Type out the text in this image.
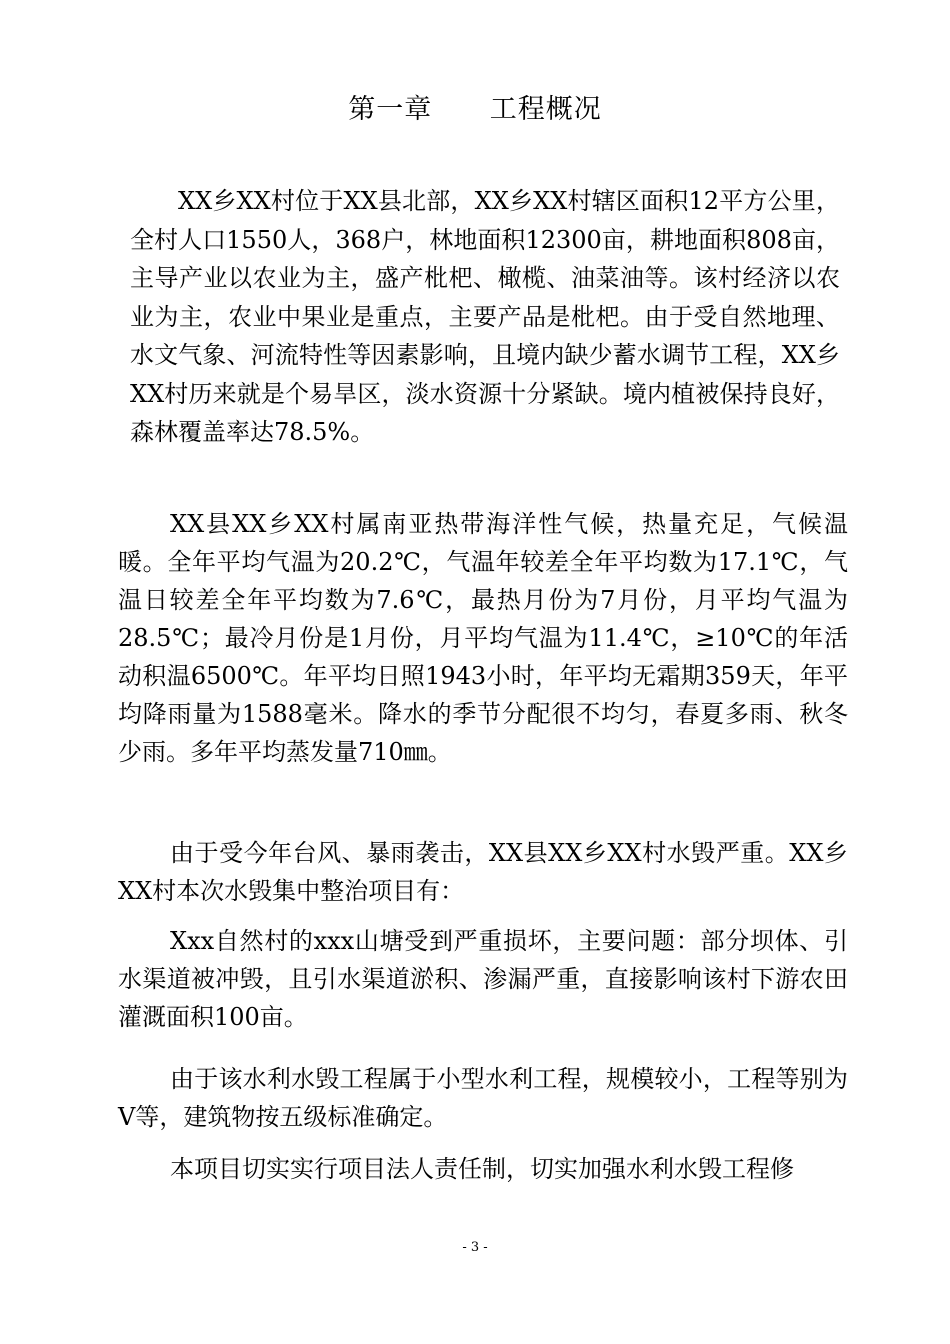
第一章      工程概况

XX乡XX村位于XX县北部，XX乡XX村辖区面积12平方公里，全村人口1550人，368户，林地面积12300亩，耕地面积808亩，主导产业以农业为主，盛产枇杷、橄榄、油菜油等。该村经济以农业为主，农业中果业是重点，主要产品是枇杷。由于受自然地理、水文气象、河流特性等因素影响，且境内缺少蓄水调节工程，XX乡XX村历来就是个易旱区，淡水资源十分紧缺。境内植被保持良好，森林覆盖率达78.5%。

XX县XX乡XX村属南亚热带海洋性气候，热量充足，气候温暖。全年平均气温为20.2℃，气温年较差全年平均数为17.1℃，气温日较差全年平均数为7.6℃，最热月份为7月份，月平均气温为28.5℃；最冷月份是1月份，月平均气温为11.4℃，≥10℃的年活动积温6500℃。年平均日照1943小时，年平均无霜期359天，年平均降雨量为1588毫米。降水的季节分配很不均匀，春夏多雨、秋冬少雨。多年平均蒸发量710㎜。

由于受今年台风、暴雨袭击，XX县XX乡XX村水毁严重。XX乡XX村本次水毁集中整治项目有：

Xxx自然村的xxx山塘受到严重损坏，主要问题：部分坝体、引水渠道被冲毁，且引水渠道淤积、渗漏严重，直接影响该村下游农田灌溉面积100亩。

由于该水利水毁工程属于小型水利工程，规模较小，工程等别为Ⅴ等，建筑物按五级标准确定。

本项目切实实行项目法人责任制，切实加强水利水毁工程修

- 3 -
